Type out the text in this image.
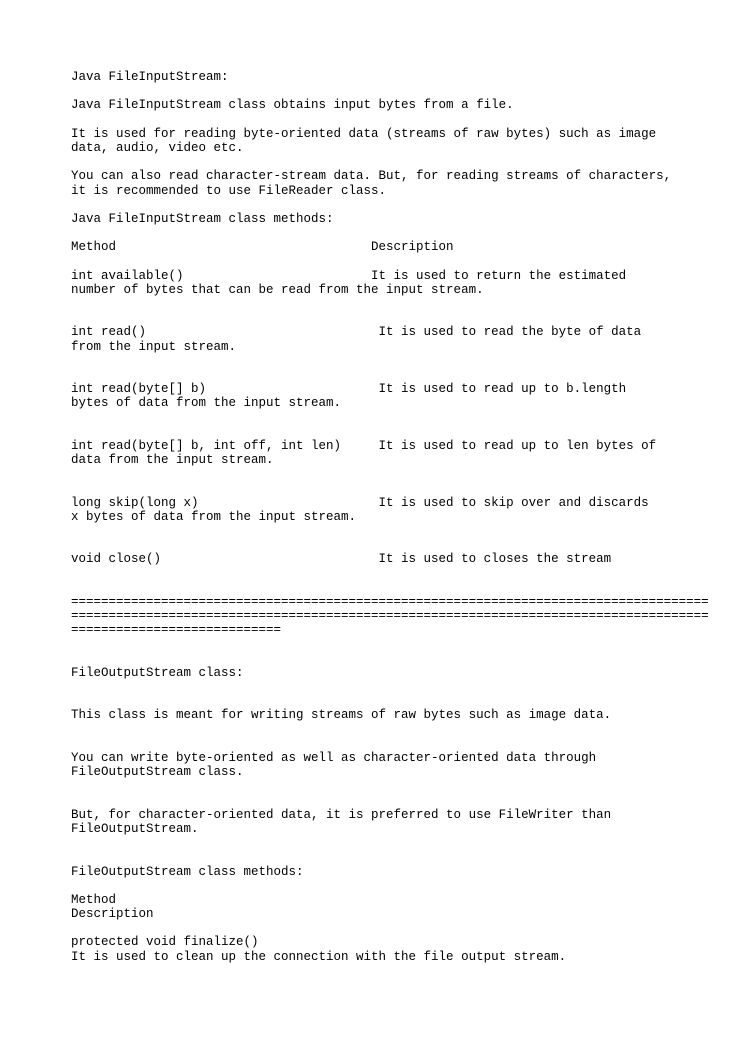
Java FileInputStream:
Java FileInputStream class obtains input bytes from a file.
It is used for reading byte-oriented data (streams of raw bytes) such as image
data, audio, video etc.
You can also read character-stream data. But, for reading streams of characters,
it is recommended to use FileReader class.
Java FileInputStream class methods:
Method                                  Description
int available()                         It is used to return the estimated
number of bytes that can be read from the input stream.
int read()                               It is used to read the byte of data
from the input stream.
int read(byte[] b)                       It is used to read up to b.length
bytes of data from the input stream.
int read(byte[] b, int off, int len)     It is used to read up to len bytes of
data from the input stream.
long skip(long x)                        It is used to skip over and discards
x bytes of data from the input stream.
void close()                             It is used to closes the stream
=====================================================================================
=====================================================================================
============================
FileOutputStream class:
This class is meant for writing streams of raw bytes such as image data.
You can write byte-oriented as well as character-oriented data through
FileOutputStream class.
But, for character-oriented data, it is preferred to use FileWriter than
FileOutputStream.
FileOutputStream class methods:
Method
Description
protected void finalize()
It is used to clean up the connection with the file output stream.
